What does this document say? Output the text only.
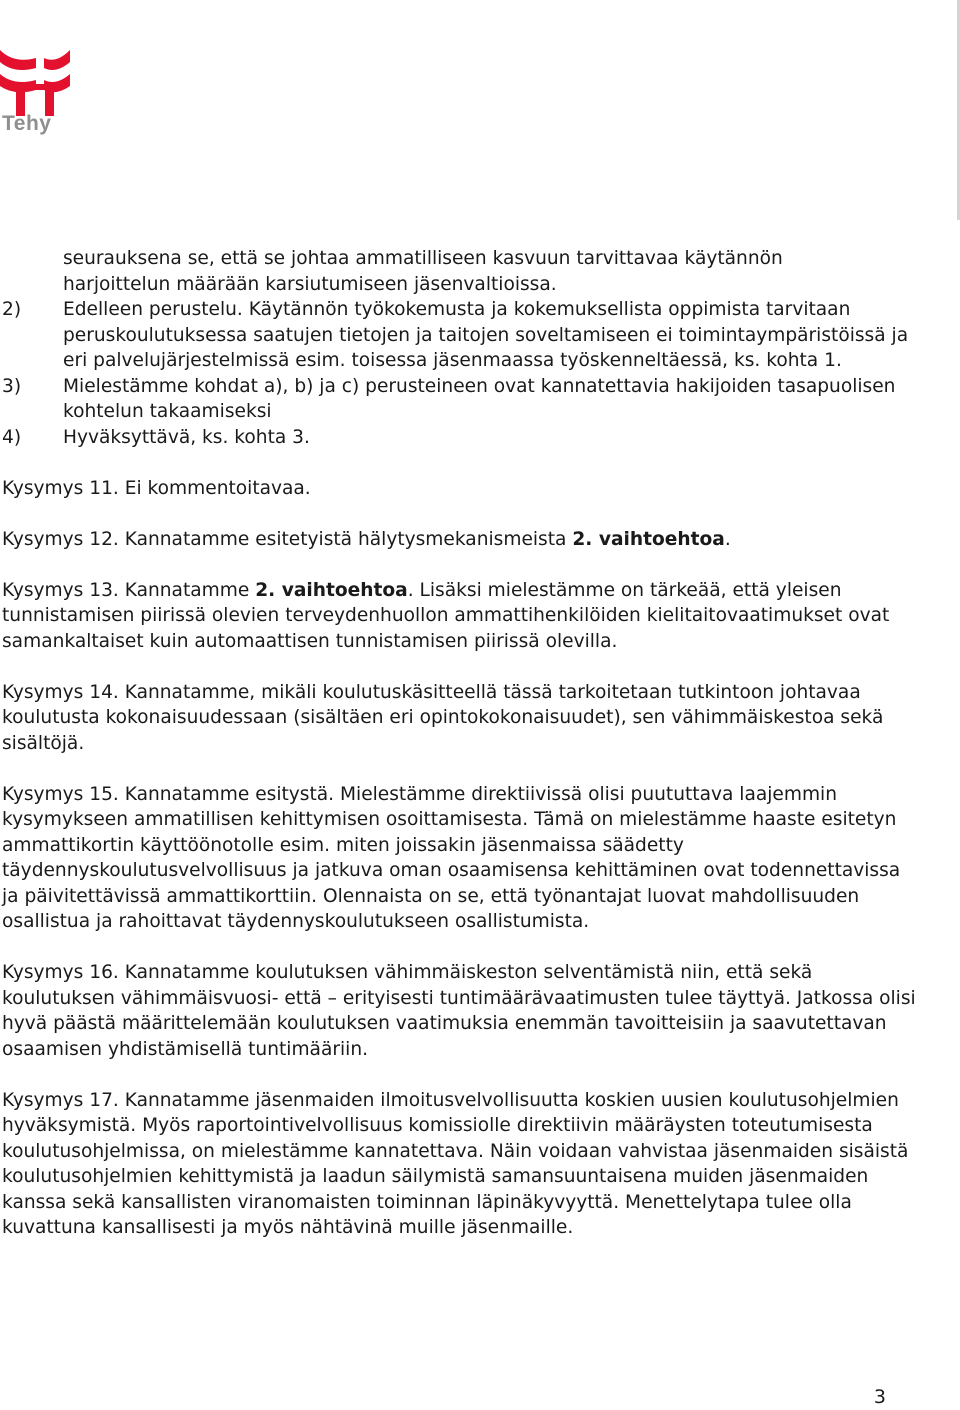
Tehy
seurauksena se, että se johtaa ammatilliseen kasvuun tarvittavaa käytännön
harjoittelun määrään karsiutumiseen jäsenvaltioissa.
2) Edelleen perustelu. Käytännön työkokemusta ja kokemuksellista oppimista tarvitaan peruskoulutuksessa saatujen tietojen ja taitojen soveltamiseen ei toimintaympäristöissä ja eri palvelujärjestelmissä esim. toisessa jäsenmaassa työskenneltäessä, ks. kohta 1.
3) Mielestämme kohdat a), b) ja c) perusteineen ovat kannatettavia hakijoiden tasapuolisen kohtelun takaamiseksi
4) Hyväksyttävä, ks. kohta 3.

Kysymys 11. Ei kommentoitavaa.

Kysymys 12. Kannatamme esitetyistä hälytysmekanismeista 2. vaihtoehtoa.

Kysymys 13. Kannatamme 2. vaihtoehtoa. Lisäksi mielestämme on tärkeää, että yleisen tunnistamisen piirissä olevien terveydenhuollon ammattihenkilöiden kielitaitovaatimukset ovat samankaltaiset kuin automaattisen tunnistamisen piirissä olevilla.

Kysymys 14. Kannatamme, mikäli koulutuskäsitteellä tässä tarkoitetaan tutkintoon johtavaa koulutusta kokonaisuudessaan (sisältäen eri opintokokonaisuudet), sen vähimmäiskestoa sekä sisältöjä.

Kysymys 15. Kannatamme esitystä. Mielestämme direktiivissä olisi puututtava laajemmin kysymykseen ammatillisen kehittymisen osoittamisesta. Tämä on mielestämme haaste esitetyn ammattikortin käyttöönotolle esim. miten joissakin jäsenmaissa säädetty täydennyskoulutusvelvollisuus ja jatkuva oman osaamisensa kehittäminen ovat todennettavissa ja päivitettävissä ammattikorttiin. Olennaista on se, että työnantajat luovat mahdollisuuden osallistua ja rahoittavat täydennyskoulutukseen osallistumista.

Kysymys 16. Kannatamme koulutuksen vähimmäiskeston selventämistä niin, että sekä koulutuksen vähimmäisvuosi- että – erityisesti tuntimäärävaatimusten tulee täyttyä. Jatkossa olisi hyvä päästä määrittelemään koulutuksen vaatimuksia enemmän tavoitteisiin ja saavutettavan osaamisen yhdistämisellä tuntimääriin.

Kysymys 17. Kannatamme jäsenmaiden ilmoitusvelvollisuutta koskien uusien koulutusohjelmien hyväksymistä. Myös raportointivelvollisuus komissiolle direktiivin määräysten toteutumisesta koulutusohjelmissa, on mielestämme kannatettava. Näin voidaan vahvistaa jäsenmaiden sisäistä koulutusohjelmien kehittymistä ja laadun säilymistä samansuuntaisena muiden jäsenmaiden kanssa sekä kansallisten viranomaisten toiminnan läpinäkyvyyttä. Menettelytapa tulee olla kuvattuna kansallisesti ja myös nähtävinä muille jäsenmaille.

3
